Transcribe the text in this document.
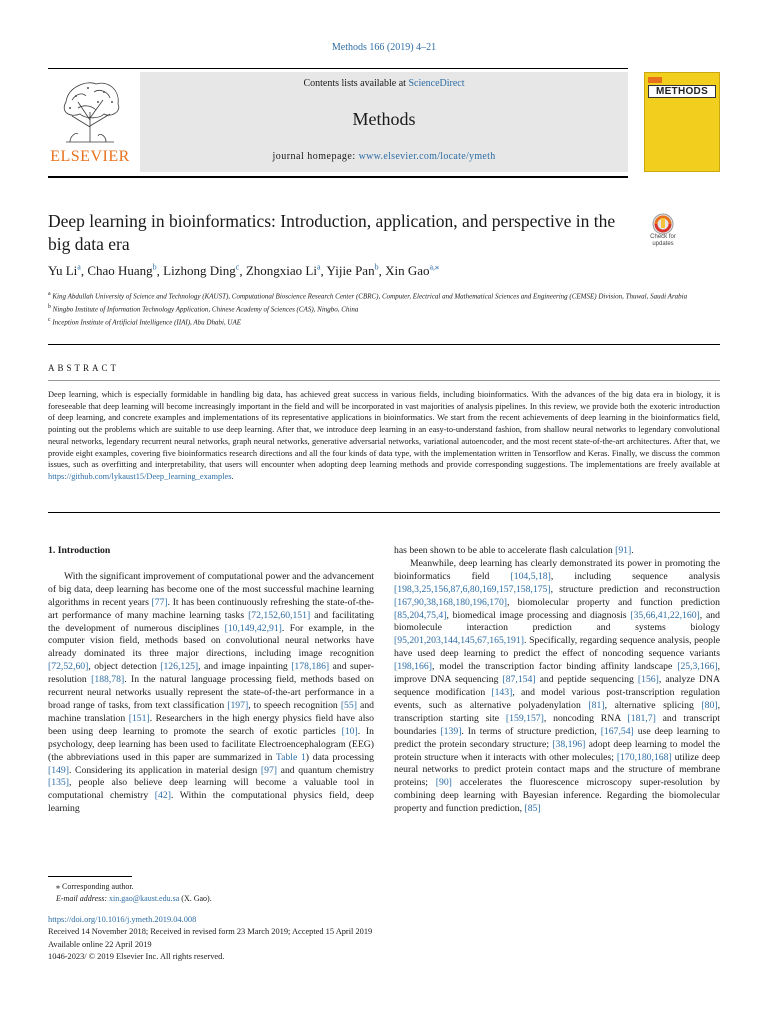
Methods 166 (2019) 4–21
ELSEVIER
Contents lists available at ScienceDirect
Methods
journal homepage: www.elsevier.com/locate/ymeth
METHODS
Deep learning in bioinformatics: Introduction, application, and perspective in the big data era	Check for updates
Yu Li$^a$, Chao Huang$^b$, Lizhong Ding$^c$, Zhongxiao Li$^a$, Yijie Pan$^b$, Xin Gao$^{a,⁎}$
$^a$ King Abdullah University of Science and Technology (KAUST), Computational Bioscience Research Center (CBRC), Computer, Electrical and Mathematical Sciences and Engineering (CEMSE) Division, Thuwal, Saudi Arabia
$^b$ Ningbo Institute of Information Technology Application, Chinese Academy of Sciences (CAS), Ningbo, China
$^c$ Inception Institute of Artificial Intelligence (IIAI), Abu Dhabi, UAE
ABSTRACT
Deep learning, which is especially formidable in handling big data, has achieved great success in various fields, including bioinformatics. With the advances of the big data era in biology, it is foreseeable that deep learning will become increasingly important in the field and will be incorporated in vast majorities of analysis pipelines. In this review, we provide both the exoteric introduction of deep learning, and concrete examples and implementations of its representative applications in bioinformatics. We start from the recent achievements of deep learning in the bioinformatics field, pointing out the problems which are suitable to use deep learning. After that, we introduce deep learning in an easy-to-understand fashion, from shallow neural networks to legendary convolutional neural networks, legendary recurrent neural networks, graph neural networks, generative adversarial networks, variational autoencoder, and the most recent state-of-the-art architectures. After that, we provide eight examples, covering five bioinformatics research directions and all the four kinds of data type, with the implementation written in Tensorflow and Keras. Finally, we discuss the common issues, such as overfitting and interpretability, that users will encounter when adopting deep learning methods and provide corresponding suggestions. The implementations are freely available at https://github.com/lykaust15/Deep_learning_examples.
1. Introduction

With the significant improvement of computational power and the advancement of big data, deep learning has become one of the most successful machine learning algorithms in recent years [77]. It has been continuously refreshing the state-of-the-art performance of many machine learning tasks [72,152,60,151] and facilitating the development of numerous disciplines [10,149,42,91]. For example, in the computer vision field, methods based on convolutional neural networks have already dominated its three major directions, including image recognition [72,52,60], object detection [126,125], and image inpainting [178,186] and super-resolution [188,78]. In the natural language processing field, methods based on recurrent neural networks usually represent the state-of-the-art performance in a broad range of tasks, from text classification [197], to speech recognition [55] and machine translation [151]. Researchers in the high energy physics field have also been using deep learning to promote the search of exotic particles [10]. In psychology, deep learning has been used to facilitate Electroencephalogram (EEG) (the abbreviations used in this paper are summarized in Table 1) data processing [149]. Considering its application in material design [97] and quantum chemistry [135], people also believe deep learning will become a valuable tool in computational chemistry [42]. Within the computational physics field, deep learning

has been shown to be able to accelerate flash calculation [91].

Meanwhile, deep learning has clearly demonstrated its power in promoting the bioinformatics field [104,5,18], including sequence analysis [198,3,25,156,87,6,80,169,157,158,175], structure prediction and reconstruction [167,90,38,168,180,196,170], biomolecular property and function prediction [85,204,75,4], biomedical image processing and diagnosis [35,66,41,22,160], and biomolecule interaction prediction and systems biology [95,201,203,144,145,67,165,191]. Specifically, regarding sequence analysis, people have used deep learning to predict the effect of noncoding sequence variants [198,166], model the transcription factor binding affinity landscape [25,3,166], improve DNA sequencing [87,154] and peptide sequencing [156], analyze DNA sequence modification [143], and model various post-transcription regulation events, such as alternative polyadenylation [81], alternative splicing [80], transcription starting site [159,157], noncoding RNA [181,7] and transcript boundaries [139]. In terms of structure prediction, [167,54] use deep learning to predict the protein secondary structure; [38,196] adopt deep learning to model the protein structure when it interacts with other molecules; [170,180,168] utilize deep neural networks to predict protein contact maps and the structure of membrane proteins; [90] accelerates the fluorescence microscopy super-resolution by combining deep learning with Bayesian inference. Regarding the biomolecular property and function prediction, [85]

⁎ Corresponding author.
E-mail address: xin.gao@kaust.edu.sa (X. Gao).
https://doi.org/10.1016/j.ymeth.2019.04.008
Received 14 November 2018; Received in revised form 23 March 2019; Accepted 15 April 2019
Available online 22 April 2019
1046-2023/ © 2019 Elsevier Inc. All rights reserved.
